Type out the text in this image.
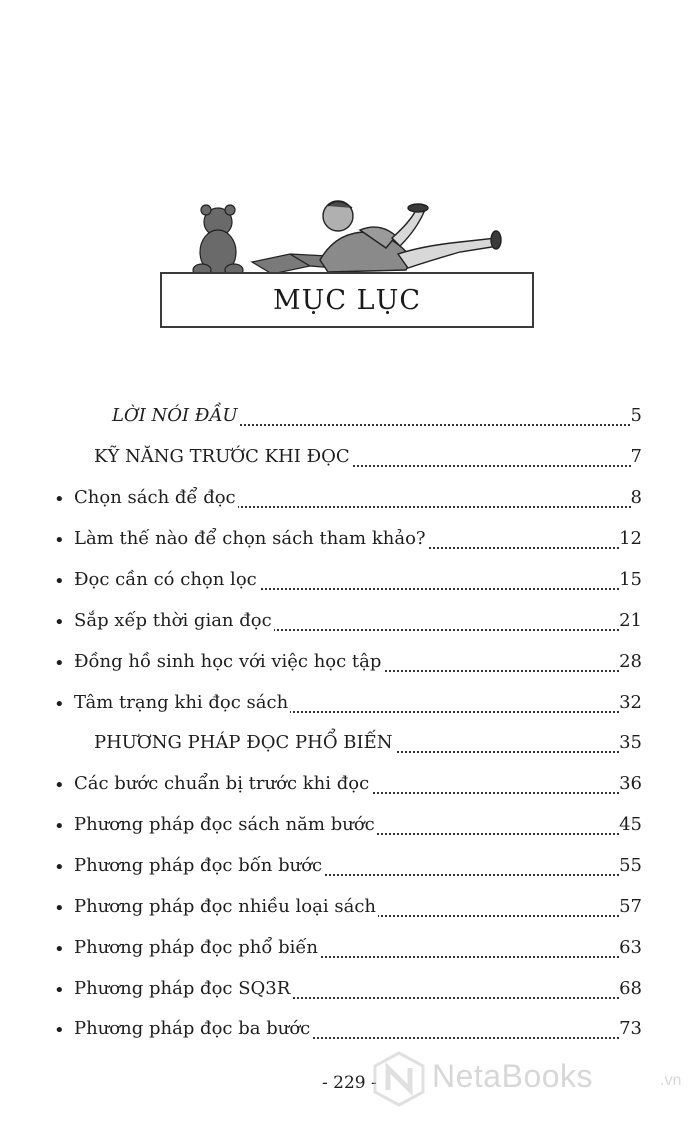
MỤC LỤC
LỜI NÓI ĐẦU	5
KỸ NĂNG TRƯỚC KHI ĐỌC	7
• Chọn sách để đọc	8
• Làm thế nào để chọn sách tham khảo?	12
• Đọc cần có chọn lọc	15
• Sắp xếp thời gian đọc	21
• Đồng hồ sinh học với việc học tập	28
• Tâm trạng khi đọc sách	32
PHƯƠNG PHÁP ĐỌC PHỔ BIẾN	35
• Các bước chuẩn bị trước khi đọc	36
• Phương pháp đọc sách năm bước	45
• Phương pháp đọc bốn bước	55
• Phương pháp đọc nhiều loại sách	57
• Phương pháp đọc phổ biến	63
• Phương pháp đọc SQ3R	68
• Phương pháp đọc ba bước	73
- 229 - NetaBooks	.vn
